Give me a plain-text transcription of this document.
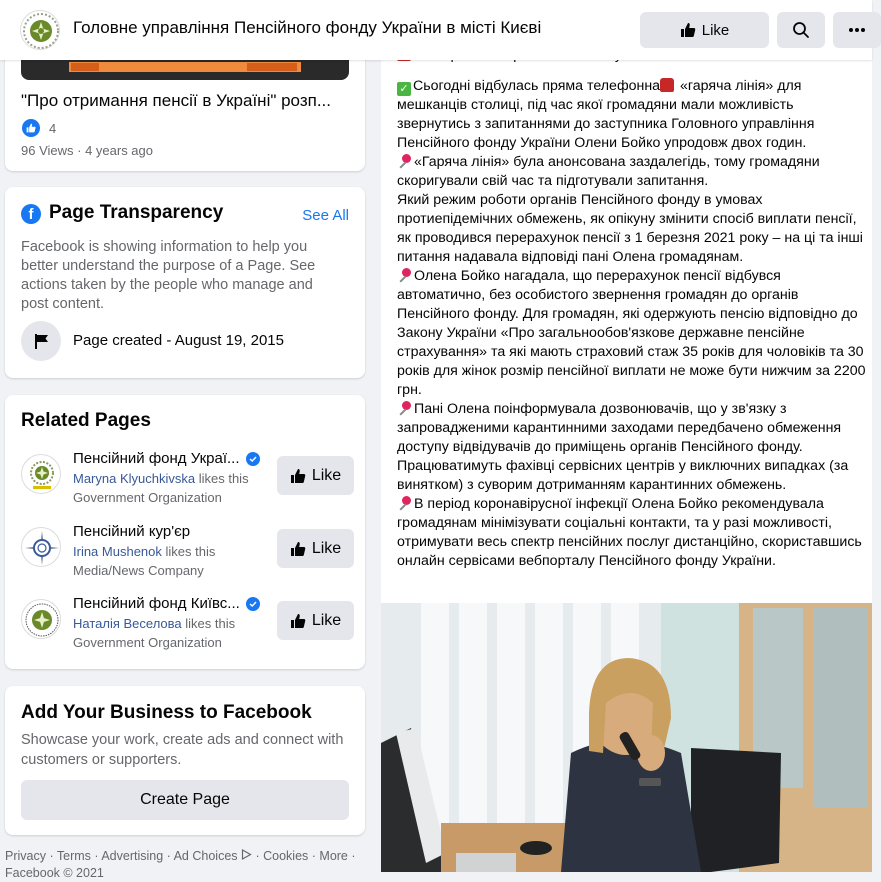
Головне управління Пенсійного фонду України в місті Києві	Like
"Про отримання пенсії в Україні" розп...
4
96 Views · 4 years ago
f Page Transparency	See All
Facebook is showing information to help you better understand the purpose of a Page. See actions taken by the people who manage and post content.
Page created - August 19, 2015
Related Pages
Пенсійний фонд Украї...
Maryna Klyuchkivska likes this
Government Organization
Like
Пенсійний кур'єр
Irina Mushenok likes this
Media/News Company
Like
Пенсійний фонд Київс...
Наталія Веселова likes this
Government Organization
Like
Add Your Business to Facebook
Showcase your work, create ads and connect with customers or supporters.
Create Page
Privacy · Terms · Advertising · Ad Choices  · Cookies · More ·
Facebook © 2021

✓ Сьогодні відбулась пряма телефонна «гаряча лінія» для мешканців столиці, під час якої громадяни мали можливість звернутись з запитаннями до заступника Головного управління Пенсійного фонду України Олени Бойко упродовж двох годин.

«Гаряча лінія» була анонсована заздалегідь, тому громадяни скоригували свій час та підготували запитання.

Який режим роботи органів Пенсійного фонду в умовах протиепідемічних обмежень, як опікуну змінити спосіб виплати пенсії, як проводився перерахунок пенсії з 1 березня 2021 року – на ці та інші питання надавала відповіді пані Олена громадянам.

Олена Бойко нагадала, що перерахунок пенсії відбувся автоматично, без особистого звернення громадян до органів Пенсійного фонду. Для громадян, які одержують пенсію відповідно до Закону України «Про загальнообов'язкове державне пенсійне страхування» та які мають страховий стаж 35 років для чоловіків та 30 років для жінок розмір пенсійної виплати не може бути нижчим за 2200 грн.

Пані Олена поінформувала дозвонювачів, що у зв'язку з запровадженими карантинними заходами передбачено обмеження доступу відвідувачів до приміщень органів Пенсійного фонду. Працюватимуть фахівці сервісних центрів у виключних випадках (за винятком) з суворим дотриманням карантинних обмежень.

В період коронавірусної інфекції Олена Бойко рекомендувала громадянам мінімізувати соціальні контакти, та у разі можливості, отримувати весь спектр пенсійних послуг дистанційно, скориставшись онлайн сервісами вебпорталу Пенсійного фонду України.
